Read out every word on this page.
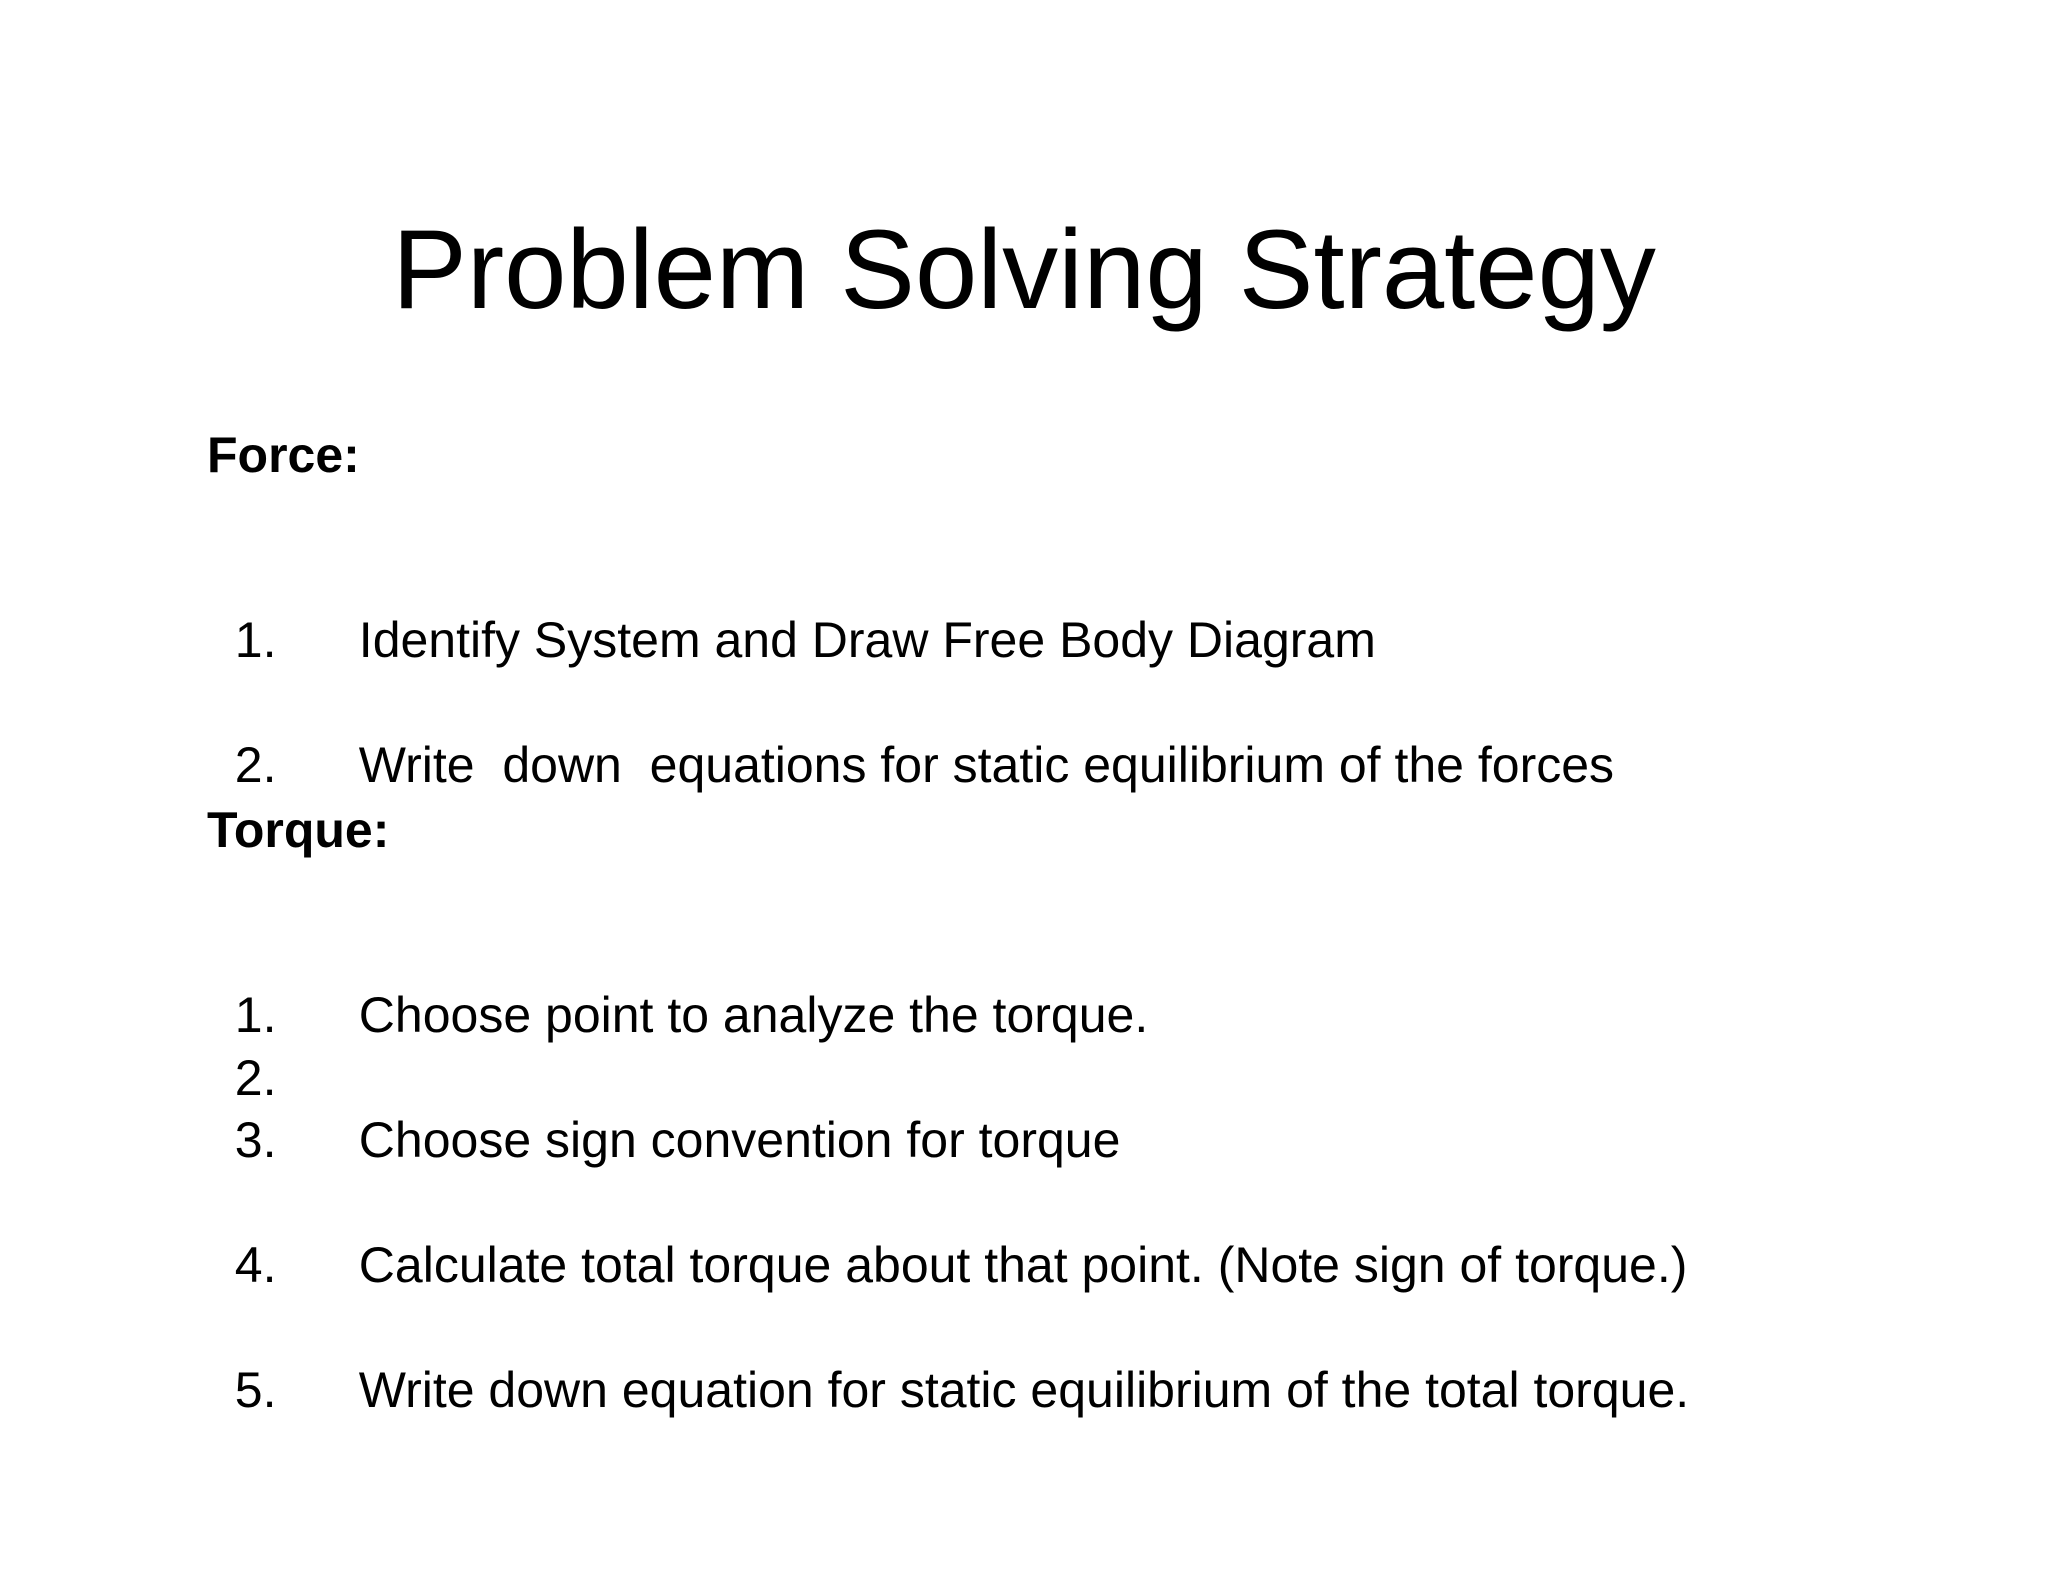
Problem Solving Strategy
Force:

1. Identify System and Draw Free Body Diagram

2. Write  down  equations for static equilibrium of the forces

Torque:

1. Choose point to analyze the torque.

2.

3. Choose sign convention for torque

4. Calculate total torque about that point. (Note sign of torque.)

5. Write down equation for static equilibrium of the total torque.
